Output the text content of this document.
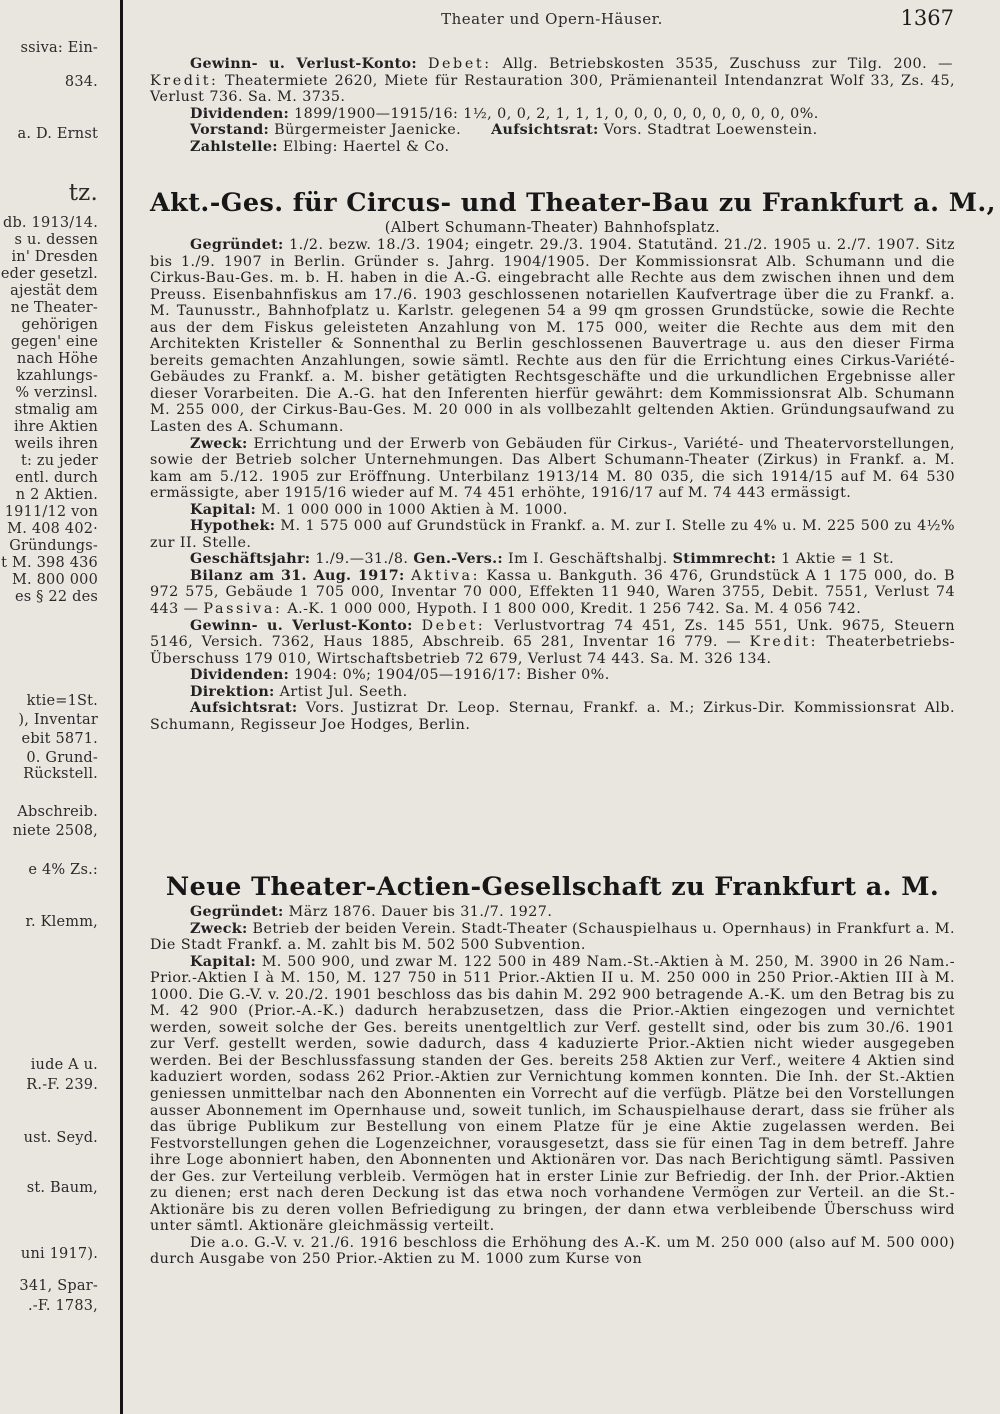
ssiva: Ein-
834.
a. D. Ernst
tz.
db. 1913/14.
s u. dessen
in' Dresden
eder gesetzl.
ajestät dem
ne Theater-
gehörigen
gegen' eine
nach Höhe
kzahlungs-
% verzinsl.
stmalig am
ihre Aktien
weils ihren
t: zu jeder
entl. durch
n 2 Aktien.
1911/12 von
M. 408 402·
Gründungs-
t M. 398 436
M. 800 000
es § 22 des
ktie=1St.
), Inventar
ebit 5871.
0. Grund-
Rückstell.
Abschreib.
niete 2508,
e 4% Zs.:
r. Klemm,
iude A u.
R.-F. 239.
ust. Seyd.
st. Baum,
uni 1917).
341, Spar-
.-F. 1783,
Theater und Opern-Häuser.	1367

Gewinn- u. Verlust-Konto: Debet: Allg. Betriebskosten 3535, Zuschuss zur Tilg. 200. — Kredit: Theatermiete 2620, Miete für Restauration 300, Prämienanteil Intendanzrat Wolf 33, Zs. 45, Verlust 736. Sa. M. 3735.

Dividenden: 1899/1900—1915/16: 1½, 0, 0, 2, 1, 1, 1, 0, 0, 0, 0, 0, 0, 0, 0, 0, 0%.

Vorstand: Bürgermeister Jaenicke. Aufsichtsrat: Vors. Stadtrat Loewenstein.

Zahlstelle: Elbing: Haertel & Co.

Akt.-Ges. für Circus- und Theater-Bau zu Frankfurt a. M.,

(Albert Schumann-Theater) Bahnhofsplatz.

Gegründet: 1./2. bezw. 18./3. 1904; eingetr. 29./3. 1904. Statutänd. 21./2. 1905 u. 2./7. 1907. Sitz bis 1./9. 1907 in Berlin. Gründer s. Jahrg. 1904/1905. Der Kommissionsrat Alb. Schumann und die Cirkus-Bau-Ges. m. b. H. haben in die A.-G. eingebracht alle Rechte aus dem zwischen ihnen und dem Preuss. Eisenbahnfiskus am 17./6. 1903 geschlossenen notariellen Kaufvertrage über die zu Frankf. a. M. Taunusstr., Bahnhofplatz u. Karlstr. gelegenen 54 a 99 qm grossen Grundstücke, sowie die Rechte aus der dem Fiskus geleisteten Anzahlung von M. 175 000, weiter die Rechte aus dem mit den Architekten Kristeller & Sonnenthal zu Berlin geschlossenen Bauvertrage u. aus den dieser Firma bereits gemachten Anzahlungen, sowie sämtl. Rechte aus den für die Errichtung eines Cirkus-Variété-Gebäudes zu Frankf. a. M. bisher getätigten Rechtsgeschäfte und die urkundlichen Ergebnisse aller dieser Vorarbeiten. Die A.-G. hat den Inferenten hierfür gewährt: dem Kommissionsrat Alb. Schumann M. 255 000, der Cirkus-Bau-Ges. M. 20 000 in als vollbezahlt geltenden Aktien. Gründungsaufwand zu Lasten des A. Schumann.

Zweck: Errichtung und der Erwerb von Gebäuden für Cirkus-, Variété- und Theatervorstellungen, sowie der Betrieb solcher Unternehmungen. Das Albert Schumann-Theater (Zirkus) in Frankf. a. M. kam am 5./12. 1905 zur Eröffnung. Unterbilanz 1913/14 M. 80 035, die sich 1914/15 auf M. 64 530 ermässigte, aber 1915/16 wieder auf M. 74 451 erhöhte, 1916/17 auf M. 74 443 ermässigt.

Kapital: M. 1 000 000 in 1000 Aktien à M. 1000.

Hypothek: M. 1 575 000 auf Grundstück in Frankf. a. M. zur I. Stelle zu 4% u. M. 225 500 zu 4½% zur II. Stelle.

Geschäftsjahr: 1./9.—31./8. Gen.-Vers.: Im I. Geschäftshalbj. Stimmrecht: 1 Aktie = 1 St.

Bilanz am 31. Aug. 1917: Aktiva: Kassa u. Bankguth. 36 476, Grundstück A 1 175 000, do. B 972 575, Gebäude 1 705 000, Inventar 70 000, Effekten 11 940, Waren 3755, Debit. 7551, Verlust 74 443 — Passiva: A.-K. 1 000 000, Hypoth. I 1 800 000, Kredit. 1 256 742. Sa. M. 4 056 742.

Gewinn- u. Verlust-Konto: Debet: Verlustvortrag 74 451, Zs. 145 551, Unk. 9675, Steuern 5146, Versich. 7362, Haus 1885, Abschreib. 65 281, Inventar 16 779. — Kredit: Theaterbetriebs-Überschuss 179 010, Wirtschaftsbetrieb 72 679, Verlust 74 443. Sa. M. 326 134.

Dividenden: 1904: 0%; 1904/05—1916/17: Bisher 0%.

Direktion: Artist Jul. Seeth.

Aufsichtsrat: Vors. Justizrat Dr. Leop. Sternau, Frankf. a. M.; Zirkus-Dir. Kommissionsrat Alb. Schumann, Regisseur Joe Hodges, Berlin.

Neue Theater-Actien-Gesellschaft zu Frankfurt a. M.

Gegründet: März 1876. Dauer bis 31./7. 1927.

Zweck: Betrieb der beiden Verein. Stadt-Theater (Schauspielhaus u. Opernhaus) in Frankfurt a. M. Die Stadt Frankf. a. M. zahlt bis M. 502 500 Subvention.

Kapital: M. 500 900, und zwar M. 122 500 in 489 Nam.-St.-Aktien à M. 250, M. 3900 in 26 Nam.-Prior.-Aktien I à M. 150, M. 127 750 in 511 Prior.-Aktien II u. M. 250 000 in 250 Prior.-Aktien III à M. 1000. Die G.-V. v. 20./2. 1901 beschloss das bis dahin M. 292 900 betragende A.-K. um den Betrag bis zu M. 42 900 (Prior.-A.-K.) dadurch herabzusetzen, dass die Prior.-Aktien eingezogen und vernichtet werden, soweit solche der Ges. bereits unentgeltlich zur Verf. gestellt sind, oder bis zum 30./6. 1901 zur Verf. gestellt werden, sowie dadurch, dass 4 kaduzierte Prior.-Aktien nicht wieder ausgegeben werden. Bei der Beschlussfassung standen der Ges. bereits 258 Aktien zur Verf., weitere 4 Aktien sind kaduziert worden, sodass 262 Prior.-Aktien zur Vernichtung kommen konnten. Die Inh. der St.-Aktien geniessen unmittelbar nach den Abonnenten ein Vorrecht auf die verfügb. Plätze bei den Vorstellungen ausser Abonnement im Opernhause und, soweit tunlich, im Schauspielhause derart, dass sie früher als das übrige Publikum zur Bestellung von einem Platze für je eine Aktie zugelassen werden. Bei Festvorstellungen gehen die Logenzeichner, vorausgesetzt, dass sie für einen Tag in dem betreff. Jahre ihre Loge abonniert haben, den Abonnenten und Aktionären vor. Das nach Berichtigung sämtl. Passiven der Ges. zur Verteilung verbleib. Vermögen hat in erster Linie zur Befriedig. der Inh. der Prior.-Aktien zu dienen; erst nach deren Deckung ist das etwa noch vorhandene Vermögen zur Verteil. an die St.-Aktionäre bis zu deren vollen Befriedigung zu bringen, der dann etwa verbleibende Überschuss wird unter sämtl. Aktionäre gleichmässig verteilt.

Die a.o. G.-V. v. 21./6. 1916 beschloss die Erhöhung des A.-K. um M. 250 000 (also auf M. 500 000) durch Ausgabe von 250 Prior.-Aktien zu M. 1000 zum Kurse von
